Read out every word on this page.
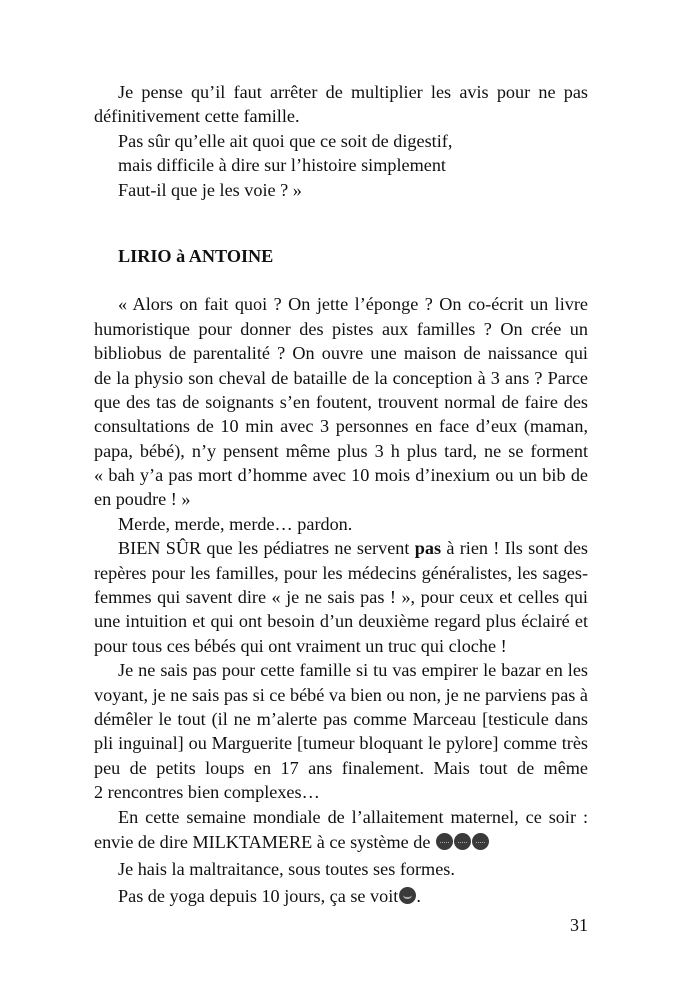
Je pense qu’il faut arrêter de multiplier les avis pour ne pas
définitivement cette famille.
Pas sûr qu’elle ait quoi que ce soit de digestif,
mais difficile à dire sur l’histoire simplement
Faut-il que je les voie ? »
LIRIO à ANTOINE
« Alors on fait quoi ? On jette l’éponge ? On co-écrit un livre
humoristique pour donner des pistes aux familles ? On crée un
bibliobus de parentalité ? On ouvre une maison de naissance qui
de la physio son cheval de bataille de la conception à 3 ans ? Parce
que des tas de soignants s’en foutent, trouvent normal de faire des
consultations de 10 min avec 3 personnes en face d’eux (maman,
papa, bébé), n’y pensent même plus 3 h plus tard, ne se forment
« bah y’a pas mort d’homme avec 10 mois d’inexium ou un bib de
en poudre ! »
Merde, merde, merde… pardon.
BIEN SÛR que les pédiatres ne servent pas à rien ! Ils sont des
repères pour les familles, pour les médecins généralistes, les sages-
femmes qui savent dire « je ne sais pas ! », pour ceux et celles qui
une intuition et qui ont besoin d’un deuxième regard plus éclairé et
pour tous ces bébés qui ont vraiment un truc qui cloche !
Je ne sais pas pour cette famille si tu vas empirer le bazar en les
voyant, je ne sais pas si ce bébé va bien ou non, je ne parviens pas à
démêler le tout (il ne m’alerte pas comme Marceau [testicule dans
pli inguinal] ou Marguerite [tumeur bloquant le pylore] comme très
peu de petits loups en 17 ans finalement. Mais tout de même
2 rencontres bien complexes…
En cette semaine mondiale de l’allaitement maternel, ce soir :
envie de dire MILKTAMERE à ce système de
Je hais la maltraitance, sous toutes ses formes.
Pas de yoga depuis 10 jours, ça se voit .
31
